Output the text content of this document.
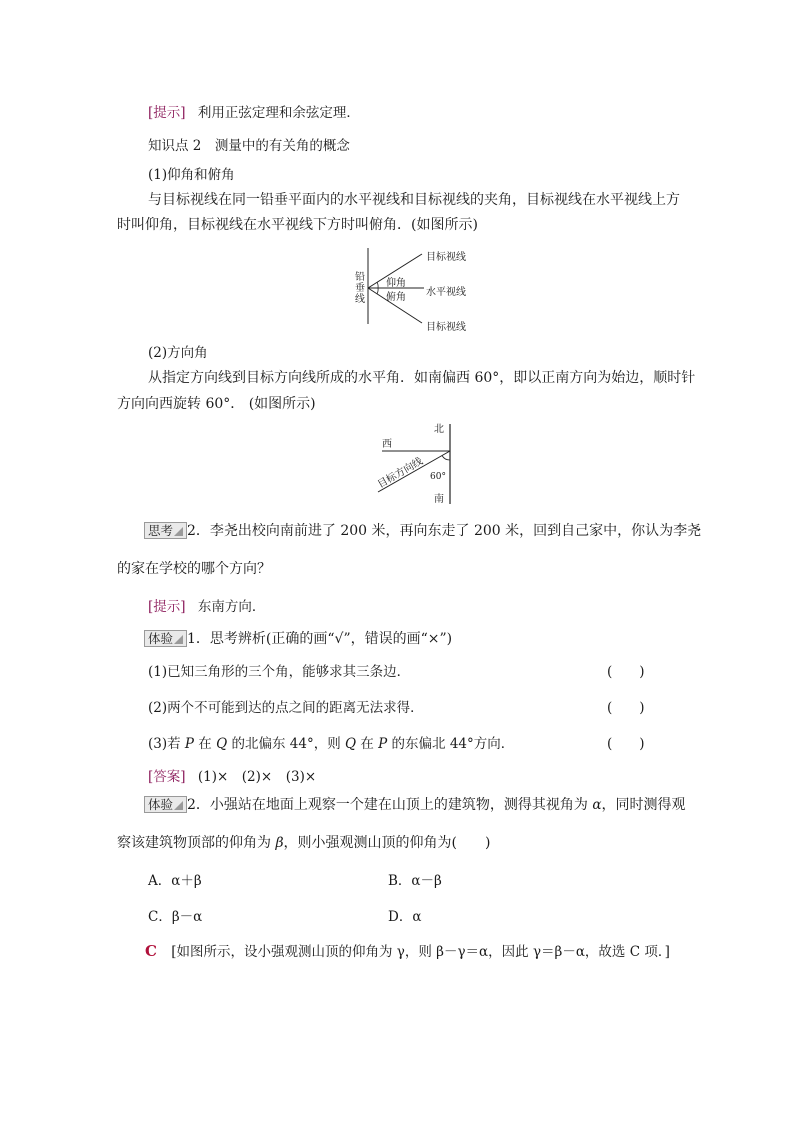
[提示] 利用正弦定理和余弦定理．
知识点 2　测量中的有关角的概念
(1)仰角和俯角
与目标视线在同一铅垂平面内的水平视线和目标视线的夹角，目标视线在水平视线上方
时叫仰角，目标视线在水平视线下方时叫俯角．(如图所示)
铅
垂
线
仰角
俯角
目标视线
水平视线
目标视线
(2)方向角
从指定方向线到目标方向线所成的水平角．如南偏西 60°，即以正南方向为始边，顺时针
方向向西旋转 60°． (如图所示)
北
西
南
60°
目标方向线
思考 2．李尧出校向南前进了 200 米，再向东走了 200 米，回到自己家中，你认为李尧
的家在学校的哪个方向？
[提示] 东南方向．
体验 1．思考辨析(正确的画“√”，错误的画“×”)
(1)已知三角形的三个角，能够求其三条边．	(　　)
(2)两个不可能到达的点之间的距离无法求得．	(　　)
(3)若 P 在 Q 的北偏东 44°，则 Q 在 P 的东偏北 44°方向．	(　　)
[答案] (1)×　(2)×　(3)×
体验 2．小强站在地面上观察一个建在山顶上的建筑物，测得其视角为 α，同时测得观
察该建筑物顶部的仰角为 β，则小强观测山顶的仰角为(　　)
A．α＋β	B．α－β
C．β－α	D．α
C [如图所示，设小强观测山顶的仰角为 γ，则 β－γ＝α，因此 γ＝β－α，故选 C 项．]
